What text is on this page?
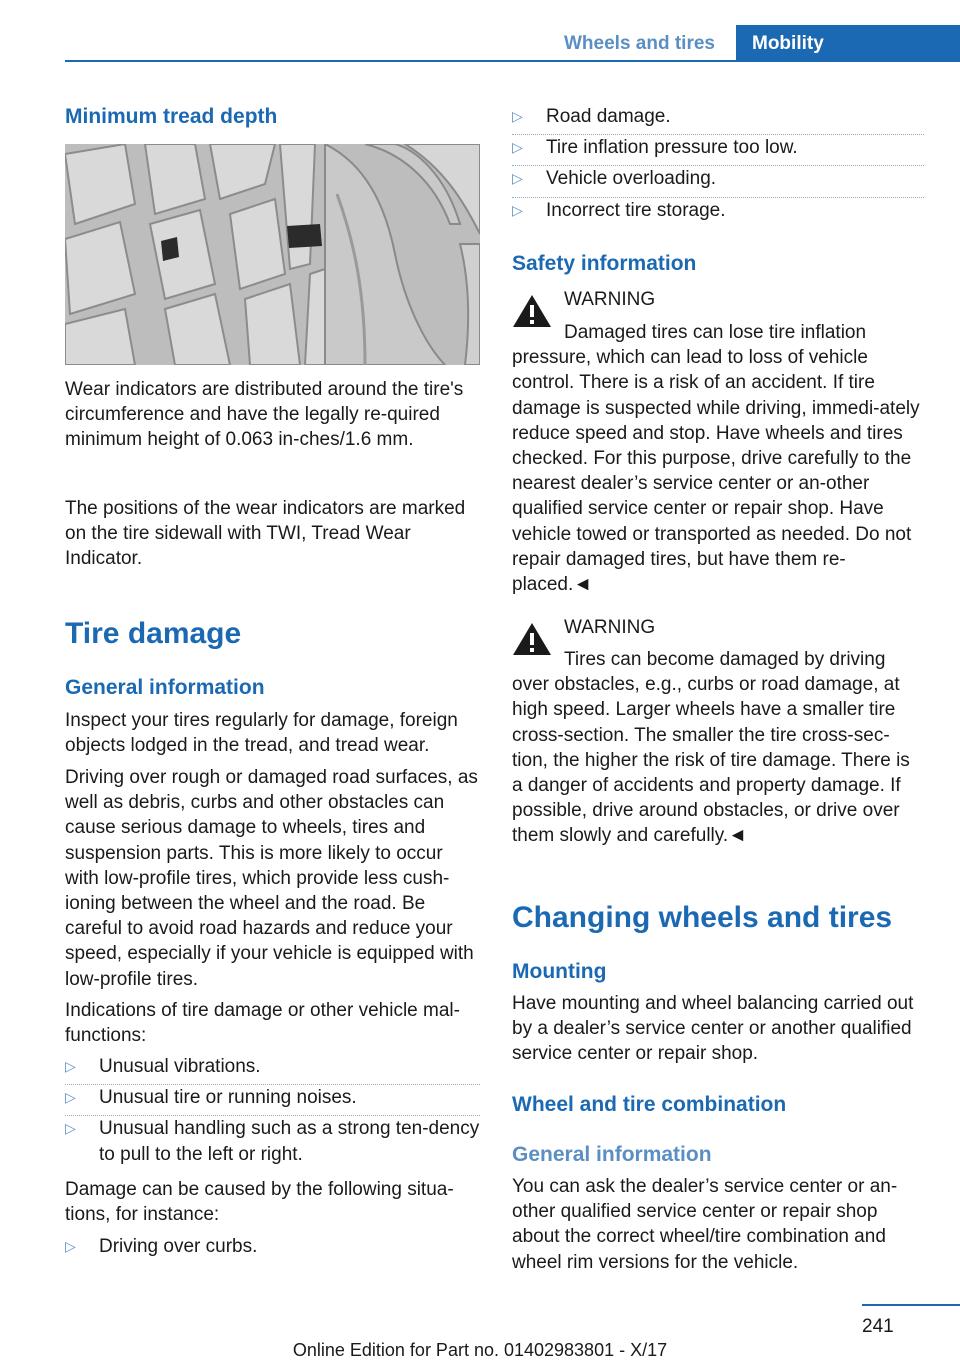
Wheels and tires	Mobility
Minimum tread depth

Wear indicators are distributed around the tire's circumference and have the legally re‐quired minimum height of 0.063 in‐ches/1.6 mm.

The positions of the wear indicators are marked on the tire sidewall with TWI, Tread Wear Indicator.

Tire damage
General information

Inspect your tires regularly for damage, foreign objects lodged in the tread, and tread wear.

Driving over rough or damaged road surfaces, as well as debris, curbs and other obstacles can cause serious damage to wheels, tires and suspension parts. This is more likely to occur with low-profile tires, which provide less cush‐ioning between the wheel and the road. Be careful to avoid road hazards and reduce your speed, especially if your vehicle is equipped with low-profile tires.

Indications of tire damage or other vehicle mal‐functions:

▷ Unusual vibrations.
▷ Unusual tire or running noises.
▷ Unusual handling such as a strong ten‐dency to pull to the left or right.

Damage can be caused by the following situa‐tions, for instance:

▷ Driving over curbs.
▷ Road damage.
▷ Tire inflation pressure too low.
▷ Vehicle overloading.
▷ Incorrect tire storage.
Safety information
WARNING

Damaged tires can lose tire inflation pressure, which can lead to loss of vehicle control. There is a risk of an accident. If tire damage is suspected while driving, immedi‐ately reduce speed and stop. Have wheels and tires checked. For this purpose, drive carefully to the nearest dealer’s service center or an‐other qualified service center or repair shop. Have vehicle towed or transported as needed. Do not repair damaged tires, but have them re‐placed.◄

WARNING

Tires can become damaged by driving over obstacles, e.g., curbs or road damage, at high speed. Larger wheels have a smaller tire cross-section. The smaller the tire cross-sec‐tion, the higher the risk of tire damage. There is a danger of accidents and property damage. If possible, drive around obstacles, or drive over them slowly and carefully.◄

Changing wheels and tires
Mounting

Have mounting and wheel balancing carried out by a dealer’s service center or another qualified service center or repair shop.

Wheel and tire combination
General information

You can ask the dealer’s service center or an‐other qualified service center or repair shop about the correct wheel/tire combination and wheel rim versions for the vehicle.

241
Online Edition for Part no. 01402983801 - X/17
